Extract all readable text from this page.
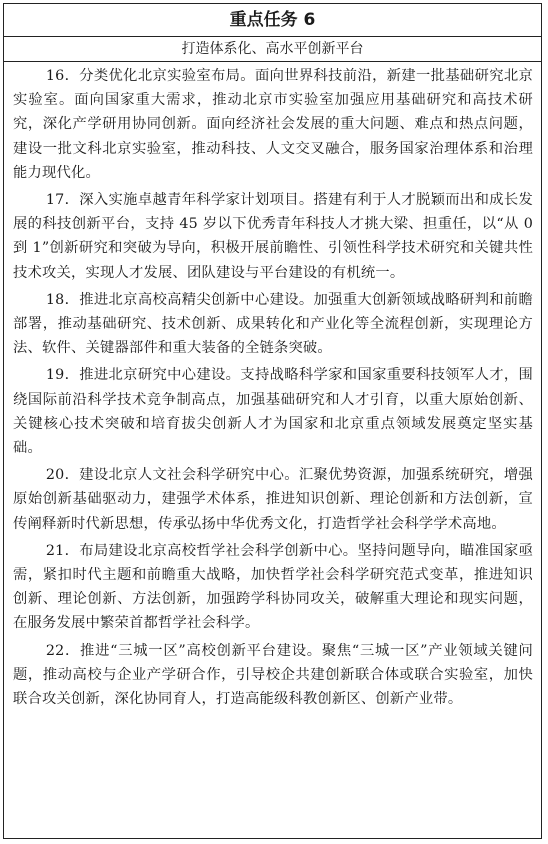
重点任务 6
打造体系化、高水平创新平台

16．分类优化北京实验室布局。面向世界科技前沿，新建一批基础研究北京实验室。面向国家重大需求，推动北京市实验室加强应用基础研究和高技术研究，深化产学研用协同创新。面向经济社会发展的重大问题、难点和热点问题，建设一批文科北京实验室，推动科技、人文交叉融合，服务国家治理体系和治理能力现代化。

17．深入实施卓越青年科学家计划项目。搭建有利于人才脱颖而出和成长发展的科技创新平台，支持 45 岁以下优秀青年科技人才挑大梁、担重任，以“从 0 到 1”创新研究和突破为导向，积极开展前瞻性、引领性科学技术研究和关键共性技术攻关，实现人才发展、团队建设与平台建设的有机统一。

18．推进北京高校高精尖创新中心建设。加强重大创新领域战略研判和前瞻部署，推动基础研究、技术创新、成果转化和产业化等全流程创新，实现理论方法、软件、关键器部件和重大装备的全链条突破。

19．推进北京研究中心建设。支持战略科学家和国家重要科技领军人才，围绕国际前沿科学技术竞争制高点，加强基础研究和人才引育，以重大原始创新、关键核心技术突破和培育拔尖创新人才为国家和北京重点领域发展奠定坚实基础。

20．建设北京人文社会科学研究中心。汇聚优势资源，加强系统研究，增强原始创新基础驱动力，建强学术体系，推进知识创新、理论创新和方法创新，宣传阐释新时代新思想，传承弘扬中华优秀文化，打造哲学社会科学学术高地。

21．布局建设北京高校哲学社会科学创新中心。坚持问题导向，瞄准国家亟需，紧扣时代主题和前瞻重大战略，加快哲学社会科学研究范式变革，推进知识创新、理论创新、方法创新，加强跨学科协同攻关，破解重大理论和现实问题，在服务发展中繁荣首都哲学社会科学。

22．推进“三城一区”高校创新平台建设。聚焦“三城一区”产业领域关键问题，推动高校与企业产学研合作，引导校企共建创新联合体或联合实验室，加快联合攻关创新，深化协同育人，打造高能级科教创新区、创新产业带。
